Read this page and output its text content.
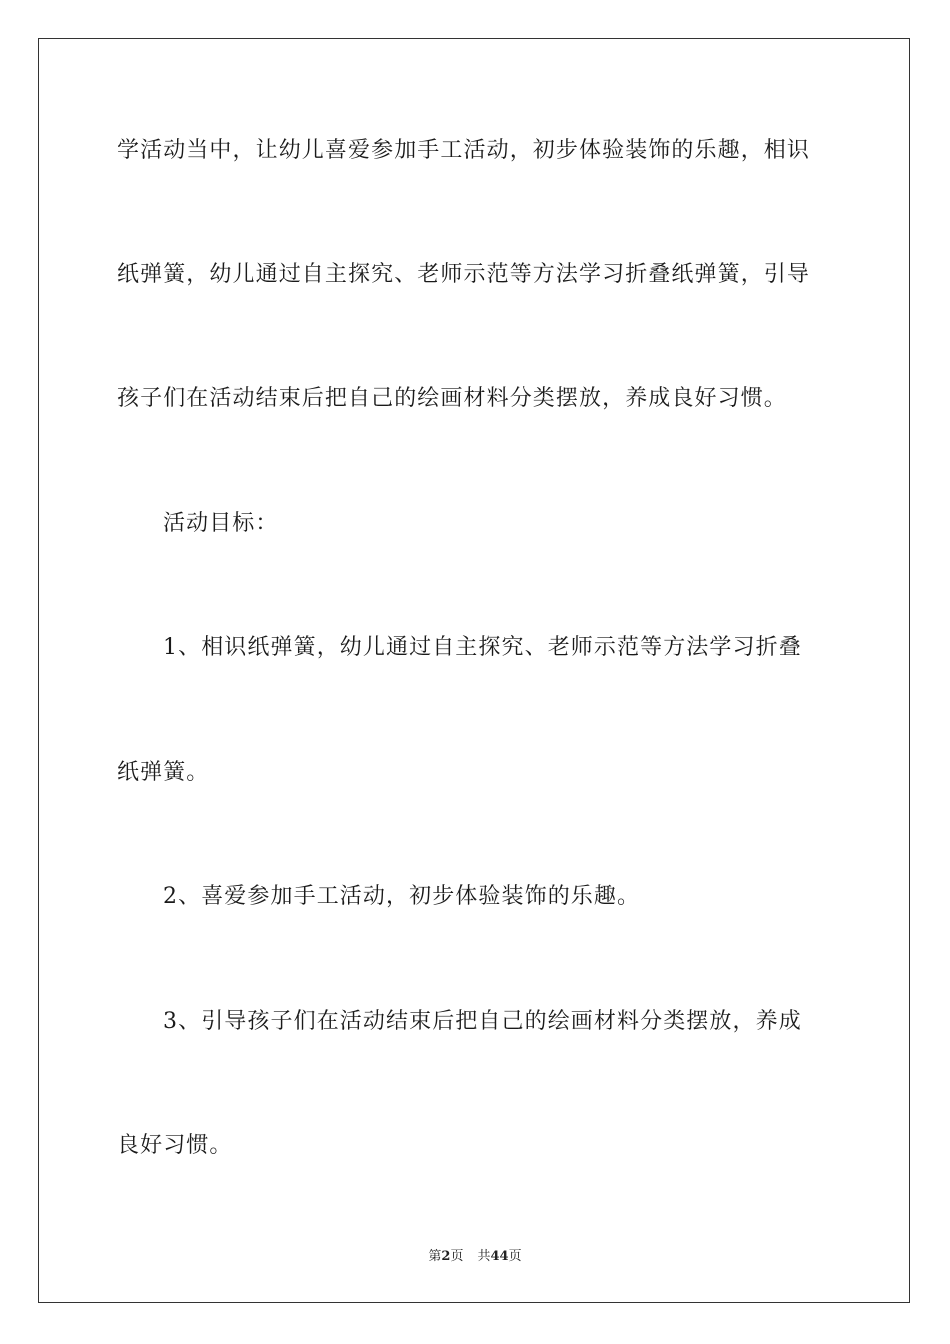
学活动当中，让幼儿喜爱参加手工活动，初步体验装饰的乐趣，相识
纸弹簧，幼儿通过自主探究、老师示范等方法学习折叠纸弹簧，引导
孩子们在活动结束后把自己的绘画材料分类摆放，养成良好习惯。
活动目标：
1、相识纸弹簧，幼儿通过自主探究、老师示范等方法学习折叠
纸弹簧。
2、喜爱参加手工活动，初步体验装饰的乐趣。
3、引导孩子们在活动结束后把自己的绘画材料分类摆放，养成
良好习惯。
第2页 共44页
